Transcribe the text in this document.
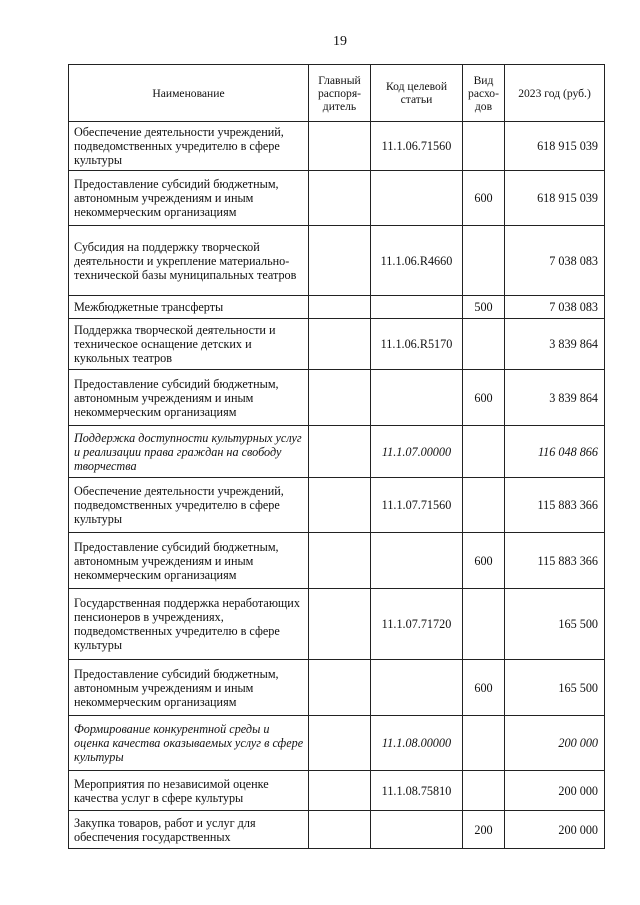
19
Наименование	Главный распоря-дитель	Код целевой статьи	Вид расхо-дов	2023 год (руб.)
Обеспечение деятельности учреждений, подведомственных учредителю в сфере культуры		11.1.06.71560		618 915 039
Предоставление субсидий бюджетным, автономным учреждениям и иным некоммерческим организациям			600	618 915 039
Субсидия на поддержку творческой деятельности и укрепление материально-технической базы муниципальных театров		11.1.06.R4660		7 038 083
Межбюджетные трансферты			500	7 038 083
Поддержка творческой деятельности и техническое оснащение детских и кукольных театров		11.1.06.R5170		3 839 864
Предоставление субсидий бюджетным, автономным учреждениям и иным некоммерческим организациям			600	3 839 864
Поддержка доступности культурных услуг и реализации права граждан на свободу творчества		11.1.07.00000		116 048 866
Обеспечение деятельности учреждений, подведомственных учредителю в сфере культуры		11.1.07.71560		115 883 366
Предоставление субсидий бюджетным, автономным учреждениям и иным некоммерческим организациям			600	115 883 366
Государственная поддержка неработающих пенсионеров в учреждениях, подведомственных учредителю в сфере культуры		11.1.07.71720		165 500
Предоставление субсидий бюджетным, автономным учреждениям и иным некоммерческим организациям			600	165 500
Формирование конкурентной среды и оценка качества оказываемых услуг в сфере культуры		11.1.08.00000		200 000
Мероприятия по независимой оценке качества услуг в сфере культуры		11.1.08.75810		200 000
Закупка товаров, работ и услуг для обеспечения государственных			200	200 000
